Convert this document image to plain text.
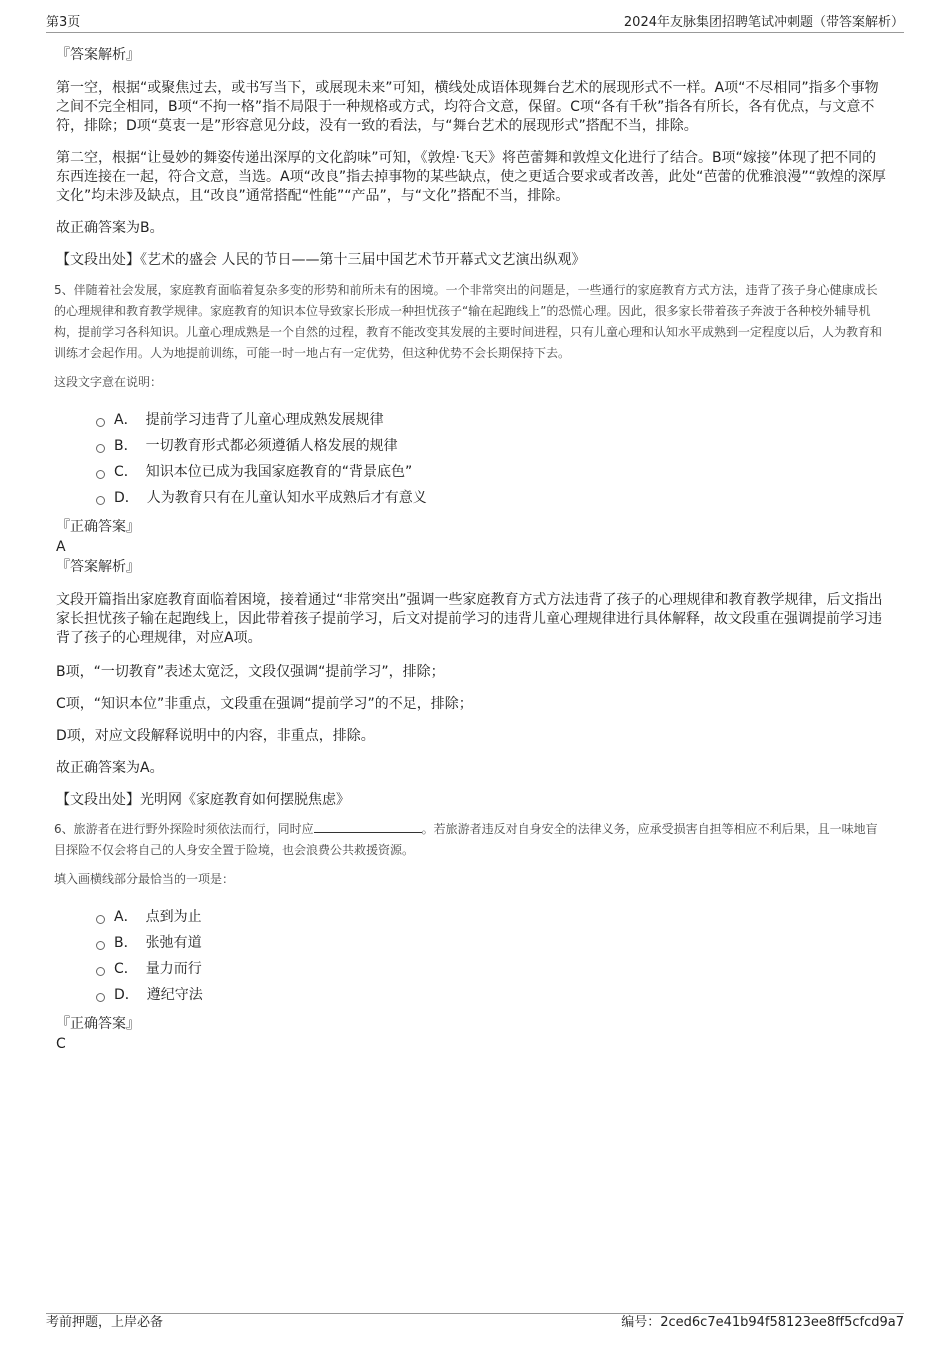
第3页	2024年友脉集团招聘笔试冲刺题（带答案解析）

『答案解析』

第一空，根据“或聚焦过去，或书写当下，或展现未来”可知，横线处成语体现舞台艺术的展现形式不一样。A项“不尽相同”指多个事物之间不完全相同，B项“不拘一格”指不局限于一种规格或方式，均符合文意，保留。C项“各有千秋”指各有所长，各有优点，与文意不符，排除；D项“莫衷一是”形容意见分歧，没有一致的看法，与“舞台艺术的展现形式”搭配不当，排除。

第二空，根据“让曼妙的舞姿传递出深厚的文化韵味”可知，《敦煌·飞天》将芭蕾舞和敦煌文化进行了结合。B项“嫁接”体现了把不同的东西连接在一起，符合文意，当选。A项“改良”指去掉事物的某些缺点，使之更适合要求或者改善，此处“芭蕾的优雅浪漫”“敦煌的深厚文化”均未涉及缺点，且“改良”通常搭配“性能”“产品”，与“文化”搭配不当，排除。

故正确答案为B。

【文段出处】《艺术的盛会 人民的节日——第十三届中国艺术节开幕式文艺演出纵观》

5、伴随着社会发展，家庭教育面临着复杂多变的形势和前所未有的困境。一个非常突出的问题是，一些通行的家庭教育方式方法，违背了孩子身心健康成长的心理规律和教育教学规律。家庭教育的知识本位导致家长形成一种担忧孩子“输在起跑线上”的恐慌心理。因此，很多家长带着孩子奔波于各种校外辅导机构，提前学习各科知识。儿童心理成熟是一个自然的过程，教育不能改变其发展的主要时间进程，只有儿童心理和认知水平成熟到一定程度以后，人为教育和训练才会起作用。人为地提前训练，可能一时一地占有一定优势，但这种优势不会长期保持下去。

这段文字意在说明：

A． 提前学习违背了儿童心理成熟发展规律
B． 一切教育形式都必须遵循人格发展的规律
C． 知识本位已成为我国家庭教育的“背景底色”
D． 人为教育只有在儿童认知水平成熟后才有意义

『正确答案』

A

『答案解析』

文段开篇指出家庭教育面临着困境，接着通过“非常突出”强调一些家庭教育方式方法违背了孩子的心理规律和教育教学规律，后文指出家长担忧孩子输在起跑线上，因此带着孩子提前学习，后文对提前学习的违背儿童心理规律进行具体解释，故文段重在强调提前学习违背了孩子的心理规律，对应A项。

B项，“一切教育”表述太宽泛，文段仅强调“提前学习”，排除；

C项，“知识本位”非重点，文段重在强调“提前学习”的不足，排除；

D项，对应文段解释说明中的内容，非重点，排除。

故正确答案为A。

【文段出处】光明网《家庭教育如何摆脱焦虑》

6、旅游者在进行野外探险时须依法而行，同时应	。若旅游者违反对自身安全的法律义务，应承受损害自担等相应不利后果，且一味地盲目探险不仅会将自己的人身安全置于险境，也会浪费公共救援资源。

填入画横线部分最恰当的一项是：

A． 点到为止
B． 张弛有道
C． 量力而行
D． 遵纪守法

『正确答案』

C

考前押题，上岸必备	编号：2ced6c7e41b94f58123ee8ff5cfcd9a7
